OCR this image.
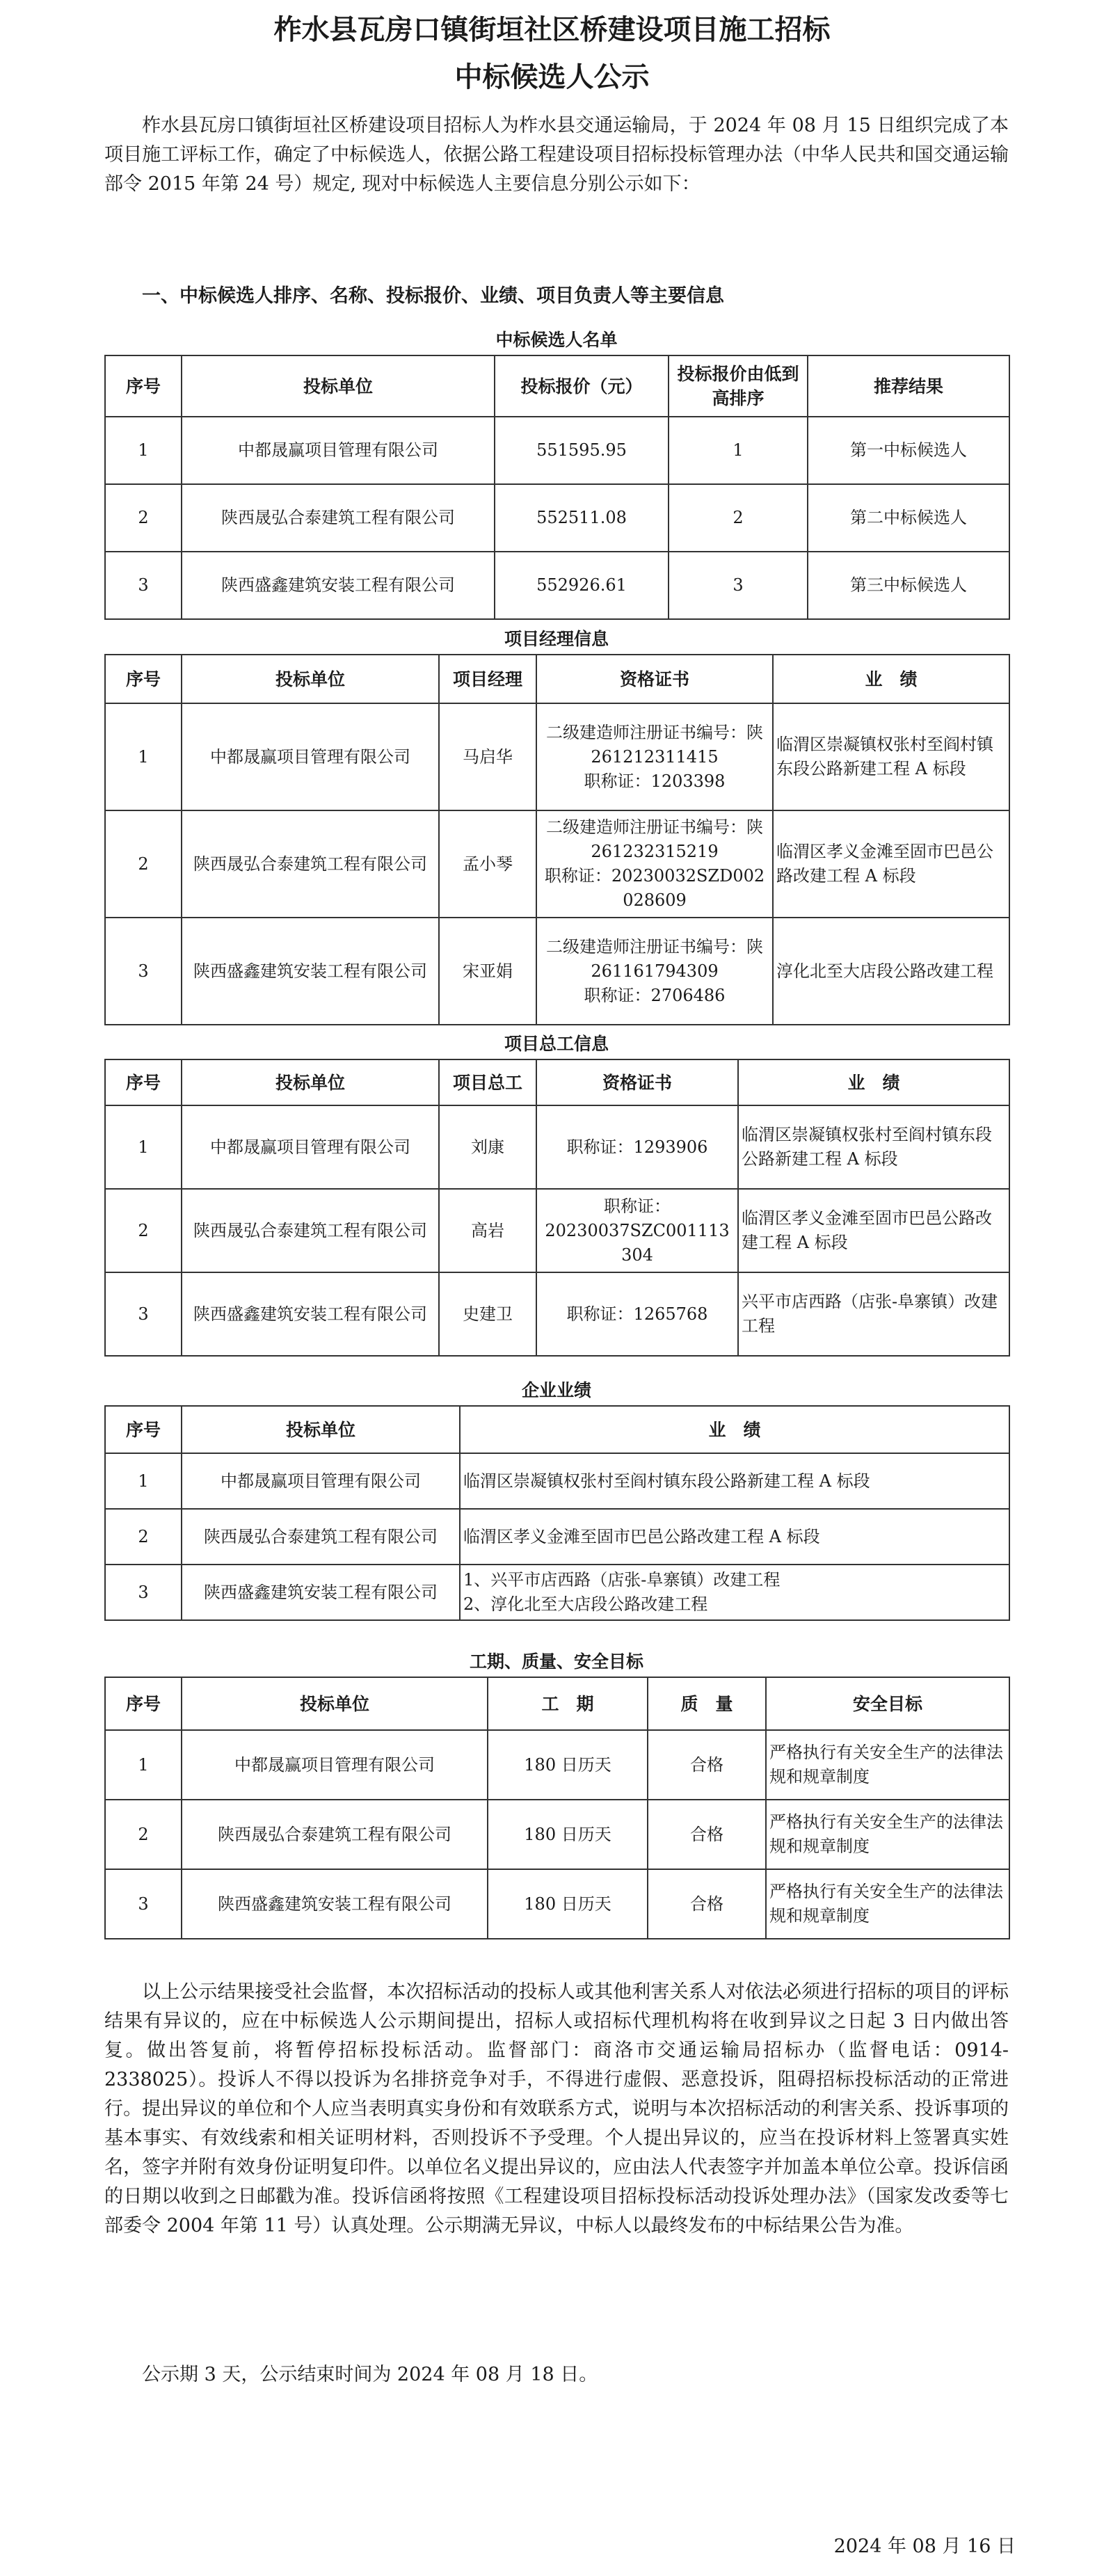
柞水县瓦房口镇街垣社区桥建设项目施工招标
中标候选人公示

柞水县瓦房口镇街垣社区桥建设项目招标人为柞水县交通运输局，于 2024 年 08 月 15 日组织完成了本项目施工评标工作，确定了中标候选人，依据公路工程建设项目招标投标管理办法（中华人民共和国交通运输部令 2015 年第 24 号）规定, 现对中标候选人主要信息分别公示如下：

一、中标候选人排序、名称、投标报价、业绩、项目负责人等主要信息

中标候选人名单

序号	投标单位	投标报价（元）	投标报价由低到高排序	推荐结果
1	中都晟赢项目管理有限公司	551595.95	1	第一中标候选人
2	陕西晟弘合泰建筑工程有限公司	552511.08	2	第二中标候选人
3	陕西盛鑫建筑安装工程有限公司	552926.61	3	第三中标候选人

项目经理信息

序号	投标单位	项目经理	资格证书	业　绩
1	中都晟赢项目管理有限公司	马启华	二级建造师注册证书编号：陕 261212311415
职称证：1203398	临渭区崇凝镇权张村至阎村镇东段公路新建工程 A 标段
2	陕西晟弘合泰建筑工程有限公司	孟小琴	二级建造师注册证书编号：陕 261232315219
职称证：20230032SZD002028609	临渭区孝义金滩至固市巴邑公路改建工程 A 标段
3	陕西盛鑫建筑安装工程有限公司	宋亚娟	二级建造师注册证书编号：陕 261161794309
职称证：2706486	淳化北至大店段公路改建工程

项目总工信息

序号	投标单位	项目总工	资格证书	业　绩
1	中都晟赢项目管理有限公司	刘康	职称证：1293906	临渭区崇凝镇权张村至阎村镇东段公路新建工程 A 标段
2	陕西晟弘合泰建筑工程有限公司	高岩	职称证：
20230037SZC001113304	临渭区孝义金滩至固市巴邑公路改建工程 A 标段
3	陕西盛鑫建筑安装工程有限公司	史建卫	职称证：1265768	兴平市店西路（店张-阜寨镇）改建工程

企业业绩

序号	投标单位	业　绩
1	中都晟赢项目管理有限公司	临渭区崇凝镇权张村至阎村镇东段公路新建工程 A 标段
2	陕西晟弘合泰建筑工程有限公司	临渭区孝义金滩至固市巴邑公路改建工程 A 标段
3	陕西盛鑫建筑安装工程有限公司	1、兴平市店西路（店张-阜寨镇）改建工程
2、淳化北至大店段公路改建工程

工期、质量、安全目标

序号	投标单位	工　期	质　量	安全目标
1	中都晟赢项目管理有限公司	180 日历天	合格	严格执行有关安全生产的法律法规和规章制度
2	陕西晟弘合泰建筑工程有限公司	180 日历天	合格	严格执行有关安全生产的法律法规和规章制度
3	陕西盛鑫建筑安装工程有限公司	180 日历天	合格	严格执行有关安全生产的法律法规和规章制度

以上公示结果接受社会监督，本次招标活动的投标人或其他利害关系人对依法必须进行招标的项目的评标结果有异议的，应在中标候选人公示期间提出，招标人或招标代理机构将在收到异议之日起 3 日内做出答复。做出答复前，将暂停招标投标活动。监督部门：商洛市交通运输局招标办（监督电话：0914-2338025）。投诉人不得以投诉为名排挤竞争对手，不得进行虚假、恶意投诉，阻碍招标投标活动的正常进行。提出异议的单位和个人应当表明真实身份和有效联系方式，说明与本次招标活动的利害关系、投诉事项的基本事实、有效线索和相关证明材料，否则投诉不予受理。个人提出异议的，应当在投诉材料上签署真实姓名，签字并附有效身份证明复印件。以单位名义提出异议的，应由法人代表签字并加盖本单位公章。投诉信函的日期以收到之日邮戳为准。投诉信函将按照《工程建设项目招标投标活动投诉处理办法》（国家发改委等七部委令 2004 年第 11 号）认真处理。公示期满无异议，中标人以最终发布的中标结果公告为准。

公示期 3 天，公示结束时间为 2024 年 08 月 18 日。

2024 年 08 月 16 日
